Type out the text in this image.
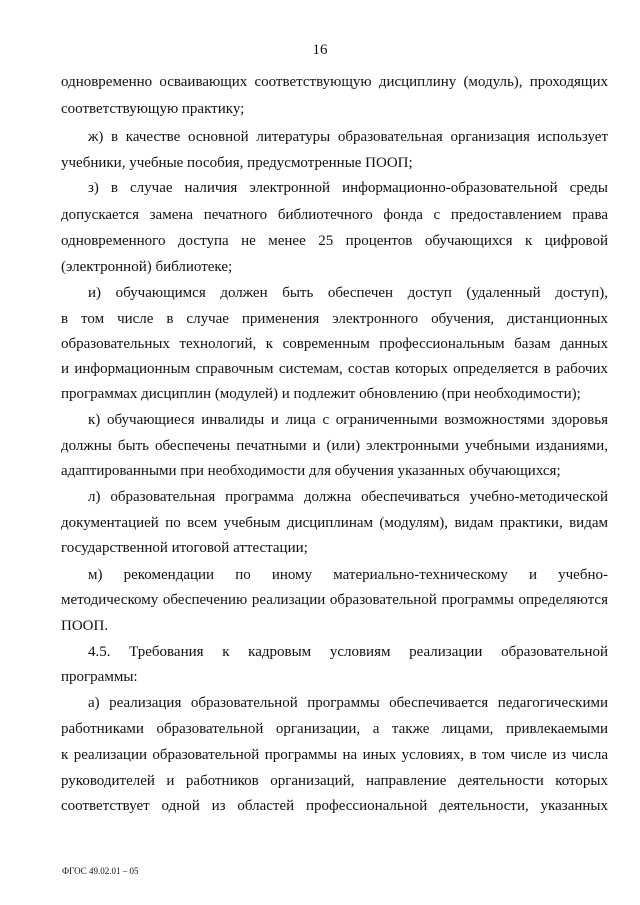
16
одновременно осваивающих соответствующую дисциплину (модуль), проходящих
соответствующую практику;
ж) в качестве основной литературы образовательная организация использует
учебники, учебные пособия, предусмотренные ПООП;
з) в случае наличия электронной информационно-образовательной среды
допускается замена печатного библиотечного фонда с предоставлением права
одновременного доступа не менее 25 процентов обучающихся к цифровой
(электронной) библиотеке;
и) обучающимся должен быть обеспечен доступ (удаленный доступ),
в том числе в случае применения электронного обучения, дистанционных
образовательных технологий, к современным профессиональным базам данных
и информационным справочным системам, состав которых определяется в рабочих
программах дисциплин (модулей) и подлежит обновлению (при необходимости);
к) обучающиеся инвалиды и лица с ограниченными возможностями здоровья
должны быть обеспечены печатными и (или) электронными учебными изданиями,
адаптированными при необходимости для обучения указанных обучающихся;
л) образовательная программа должна обеспечиваться учебно-методической
документацией по всем учебным дисциплинам (модулям), видам практики, видам
государственной итоговой аттестации;
м) рекомендации по иному материально-техническому и учебно-
методическому обеспечению реализации образовательной программы определяются
ПООП.
4.5. Требования к кадровым условиям реализации образовательной
программы:
а) реализация образовательной программы обеспечивается педагогическими
работниками образовательной организации, а также лицами, привлекаемыми
к реализации образовательной программы на иных условиях, в том числе из числа
руководителей и работников организаций, направление деятельности которых
соответствует одной из областей профессиональной деятельности, указанных
ФГОС 49.02.01 – 05
